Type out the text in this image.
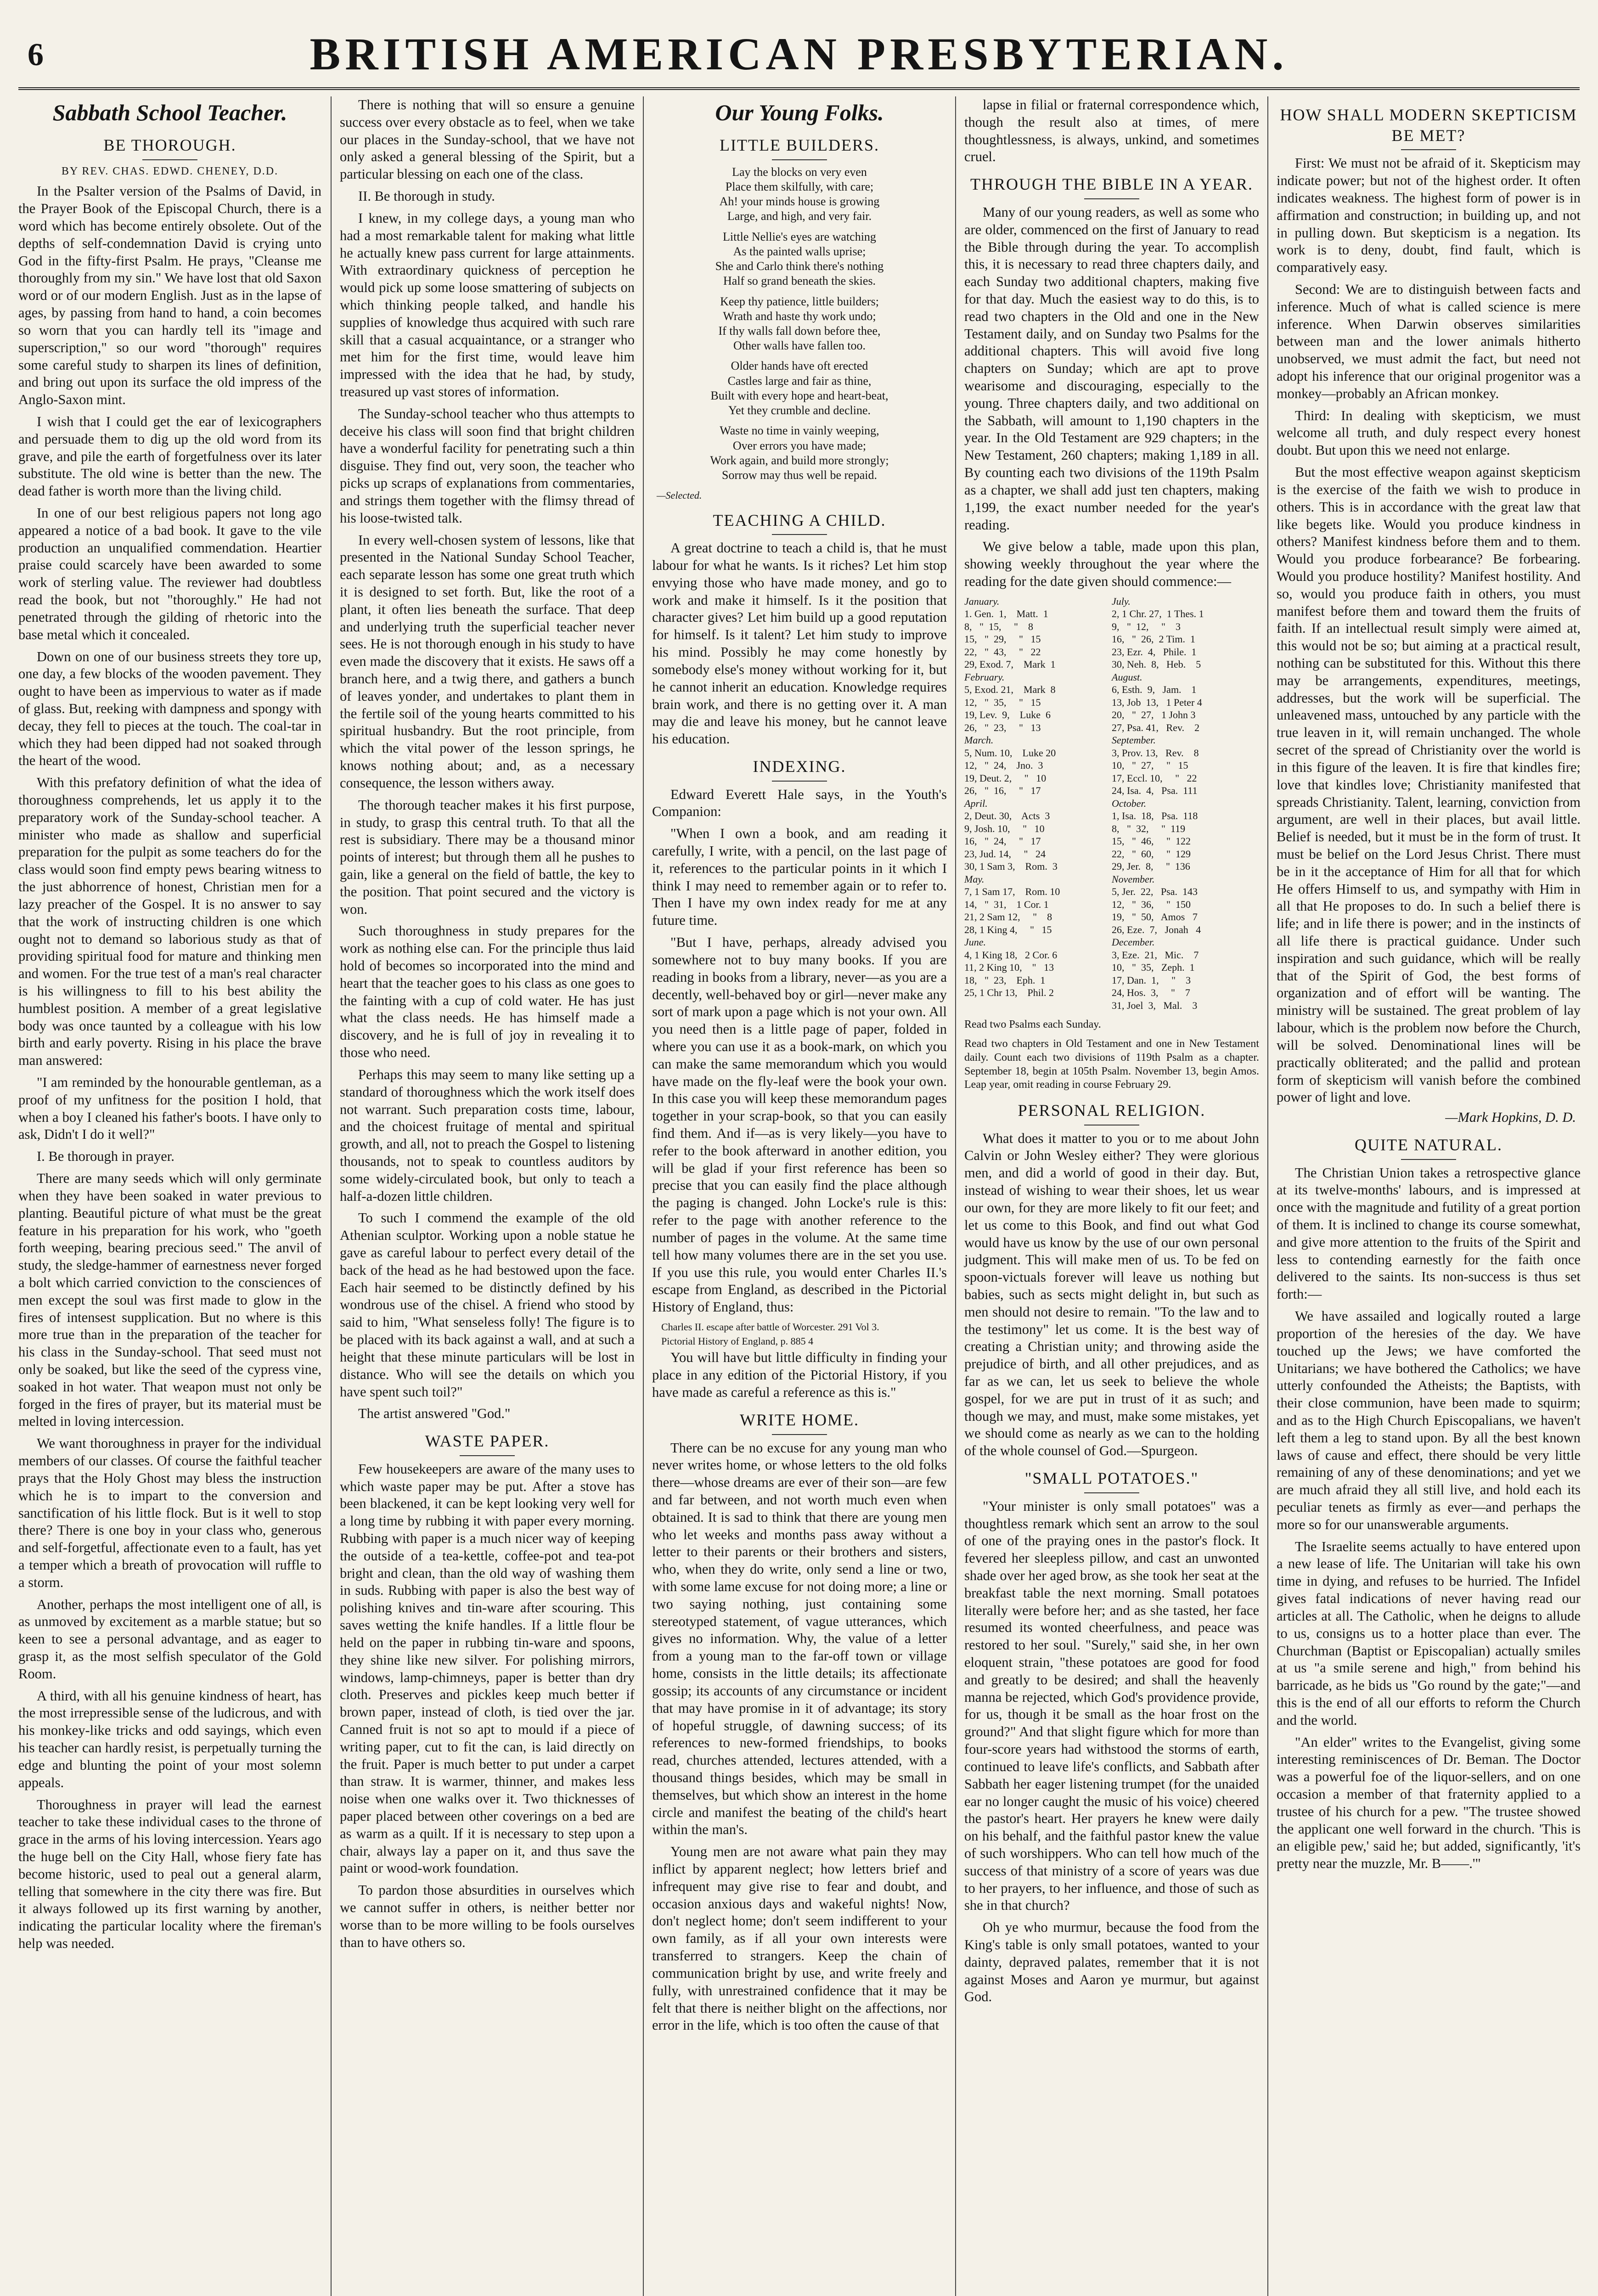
6	BRITISH AMERICAN PRESBYTERIAN.
Sabbath School Teacher.
BE THOROUGH.
BY REV. CHAS. EDWD. CHENEY, D.D.

In the Psalter version of the Psalms of David, in the Prayer Book of the Episcopal Church, there is a word which has become entirely obsolete. Out of the depths of self-condemnation David is crying unto God in the fifty-first Psalm. He prays, "Cleanse me thoroughly from my sin." We have lost that old Saxon word or of our modern English. Just as in the lapse of ages, by passing from hand to hand, a coin becomes so worn that you can hardly tell its "image and superscription," so our word "thorough" requires some careful study to sharpen its lines of definition, and bring out upon its surface the old impress of the Anglo-Saxon mint.

I wish that I could get the ear of lexicographers and persuade them to dig up the old word from its grave, and pile the earth of forgetfulness over its later substitute. The old wine is better than the new. The dead father is worth more than the living child.

In one of our best religious papers not long ago appeared a notice of a bad book. It gave to the vile production an unqualified commendation. Heartier praise could scarcely have been awarded to some work of sterling value. The reviewer had doubtless read the book, but not "thoroughly." He had not penetrated through the gilding of rhetoric into the base metal which it concealed.

Down on one of our business streets they tore up, one day, a few blocks of the wooden pavement. They ought to have been as impervious to water as if made of glass. But, reeking with dampness and spongy with decay, they fell to pieces at the touch. The coal-tar in which they had been dipped had not soaked through the heart of the wood.

With this prefatory definition of what the idea of thoroughness comprehends, let us apply it to the preparatory work of the Sunday-school teacher. A minister who made as shallow and superficial preparation for the pulpit as some teachers do for the class would soon find empty pews bearing witness to the just abhorrence of honest, Christian men for a lazy preacher of the Gospel. It is no answer to say that the work of instructing children is one which ought not to demand so laborious study as that of providing spiritual food for mature and thinking men and women. For the true test of a man's real character is his willingness to fill to his best ability the humblest position. A member of a great legislative body was once taunted by a colleague with his low birth and early poverty. Rising in his place the brave man answered:

"I am reminded by the honourable gentleman, as a proof of my unfitness for the position I hold, that when a boy I cleaned his father's boots. I have only to ask, Didn't I do it well?"

I. Be thorough in prayer.

There are many seeds which will only germinate when they have been soaked in water previous to planting. Beautiful picture of what must be the great feature in his preparation for his work, who "goeth forth weeping, bearing precious seed." The anvil of study, the sledge-hammer of earnestness never forged a bolt which carried conviction to the consciences of men except the soul was first made to glow in the fires of intensest supplication. But no where is this more true than in the preparation of the teacher for his class in the Sunday-school. That seed must not only be soaked, but like the seed of the cypress vine, soaked in hot water. That weapon must not only be forged in the fires of prayer, but its material must be melted in loving intercession.

We want thoroughness in prayer for the individual members of our classes. Of course the faithful teacher prays that the Holy Ghost may bless the instruction which he is to impart to the conversion and sanctification of his little flock. But is it well to stop there? There is one boy in your class who, generous and self-forgetful, affectionate even to a fault, has yet a temper which a breath of provocation will ruffle to a storm.

Another, perhaps the most intelligent one of all, is as unmoved by excitement as a marble statue; but so keen to see a personal advantage, and as eager to grasp it, as the most selfish speculator of the Gold Room.

A third, with all his genuine kindness of heart, has the most irrepressible sense of the ludicrous, and with his monkey-like tricks and odd sayings, which even his teacher can hardly resist, is perpetually turning the edge and blunting the point of your most solemn appeals.

Thoroughness in prayer will lead the earnest teacher to take these individual cases to the throne of grace in the arms of his loving intercession. Years ago the huge bell on the City Hall, whose fiery fate has become historic, used to peal out a general alarm, telling that somewhere in the city there was fire. But it always followed up its first warning by another, indicating the particular locality where the fireman's help was needed.

There is nothing that will so ensure a genuine success over every obstacle as to feel, when we take our places in the Sunday-school, that we have not only asked a general blessing of the Spirit, but a particular blessing on each one of the class.

II. Be thorough in study.

I knew, in my college days, a young man who had a most remarkable talent for making what little he actually knew pass current for large attainments. With extraordinary quickness of perception he would pick up some loose smattering of subjects on which thinking people talked, and handle his supplies of knowledge thus acquired with such rare skill that a casual acquaintance, or a stranger who met him for the first time, would leave him impressed with the idea that he had, by study, treasured up vast stores of information.

The Sunday-school teacher who thus attempts to deceive his class will soon find that bright children have a wonderful facility for penetrating such a thin disguise. They find out, very soon, the teacher who picks up scraps of explanations from commentaries, and strings them together with the flimsy thread of his loose-twisted talk.

In every well-chosen system of lessons, like that presented in the National Sunday School Teacher, each separate lesson has some one great truth which it is designed to set forth. But, like the root of a plant, it often lies beneath the surface. That deep and underlying truth the superficial teacher never sees. He is not thorough enough in his study to have even made the discovery that it exists. He saws off a branch here, and a twig there, and gathers a bunch of leaves yonder, and undertakes to plant them in the fertile soil of the young hearts committed to his spiritual husbandry. But the root principle, from which the vital power of the lesson springs, he knows nothing about; and, as a necessary consequence, the lesson withers away.

The thorough teacher makes it his first purpose, in study, to grasp this central truth. To that all the rest is subsidiary. There may be a thousand minor points of interest; but through them all he pushes to gain, like a general on the field of battle, the key to the position. That point secured and the victory is won.

Such thoroughness in study prepares for the work as nothing else can. For the principle thus laid hold of becomes so incorporated into the mind and heart that the teacher goes to his class as one goes to the fainting with a cup of cold water. He has just what the class needs. He has himself made a discovery, and he is full of joy in revealing it to those who need.

Perhaps this may seem to many like setting up a standard of thoroughness which the work itself does not warrant. Such preparation costs time, labour, and the choicest fruitage of mental and spiritual growth, and all, not to preach the Gospel to listening thousands, not to speak to countless auditors by some widely-circulated book, but only to teach a half-a-dozen little children.

To such I commend the example of the old Athenian sculptor. Working upon a noble statue he gave as careful labour to perfect every detail of the back of the head as he had bestowed upon the face. Each hair seemed to be distinctly defined by his wondrous use of the chisel. A friend who stood by said to him, "What senseless folly! The figure is to be placed with its back against a wall, and at such a height that these minute particulars will be lost in distance. Who will see the details on which you have spent such toil?"

The artist answered "God."

WASTE PAPER.

Few housekeepers are aware of the many uses to which waste paper may be put. After a stove has been blackened, it can be kept looking very well for a long time by rubbing it with paper every morning. Rubbing with paper is a much nicer way of keeping the outside of a tea-kettle, coffee-pot and tea-pot bright and clean, than the old way of washing them in suds. Rubbing with paper is also the best way of polishing knives and tin-ware after scouring. This saves wetting the knife handles. If a little flour be held on the paper in rubbing tin-ware and spoons, they shine like new silver. For polishing mirrors, windows, lamp-chimneys, paper is better than dry cloth. Preserves and pickles keep much better if brown paper, instead of cloth, is tied over the jar. Canned fruit is not so apt to mould if a piece of writing paper, cut to fit the can, is laid directly on the fruit. Paper is much better to put under a carpet than straw. It is warmer, thinner, and makes less noise when one walks over it. Two thicknesses of paper placed between other coverings on a bed are as warm as a quilt. If it is necessary to step upon a chair, always lay a paper on it, and thus save the paint or wood-work foundation.

To pardon those absurdities in ourselves which we cannot suffer in others, is neither better nor worse than to be more willing to be fools ourselves than to have others so.

Our Young Folks.
LITTLE BUILDERS.
Lay the blocks on very even
Place them skilfully, with care;
Ah! your minds house is growing
Large, and high, and very fair.
Little Nellie's eyes are watching
As the painted walls uprise;
She and Carlo think there's nothing
Half so grand beneath the skies.
Keep thy patience, little builders;
Wrath and haste thy work undo;
If thy walls fall down before thee,
Other walls have fallen too.
Older hands have oft erected
Castles large and fair as thine,
Built with every hope and heart-beat,
Yet they crumble and decline.
Waste no time in vainly weeping,
Over errors you have made;
Work again, and build more strongly;
Sorrow may thus well be repaid.
—Selected.
TEACHING A CHILD.

A great doctrine to teach a child is, that he must labour for what he wants. Is it riches? Let him stop envying those who have made money, and go to work and make it himself. Is it the position that character gives? Let him build up a good reputation for himself. Is it talent? Let him study to improve his mind. Possibly he may come honestly by somebody else's money without working for it, but he cannot inherit an education. Knowledge requires brain work, and there is no getting over it. A man may die and leave his money, but he cannot leave his education.

INDEXING.

Edward Everett Hale says, in the Youth's Companion:

"When I own a book, and am reading it carefully, I write, with a pencil, on the last page of it, references to the particular points in it which I think I may need to remember again or to refer to. Then I have my own index ready for me at any future time.

"But I have, perhaps, already advised you somewhere not to buy many books. If you are reading in books from a library, never—as you are a decently, well-behaved boy or girl—never make any sort of mark upon a page which is not your own. All you need then is a little page of paper, folded in where you can use it as a book-mark, on which you can make the same memorandum which you would have made on the fly-leaf were the book your own. In this case you will keep these memorandum pages together in your scrap-book, so that you can easily find them. And if—as is very likely—you have to refer to the book afterward in another edition, you will be glad if your first reference has been so precise that you can easily find the place although the paging is changed. John Locke's rule is this: refer to the page with another reference to the number of pages in the volume. At the same time tell how many volumes there are in the set you use. If you use this rule, you would enter Charles II.'s escape from England, as described in the Pictorial History of England, thus:

Charles II. escape after battle of Worcester. 291 Vol 3.
Pictorial History of England, p. 885 4

You will have but little difficulty in finding your place in any edition of the Pictorial History, if you have made as careful a reference as this is."

WRITE HOME.

There can be no excuse for any young man who never writes home, or whose letters to the old folks there—whose dreams are ever of their son—are few and far between, and not worth much even when obtained. It is sad to think that there are young men who let weeks and months pass away without a letter to their parents or their brothers and sisters, who, when they do write, only send a line or two, with some lame excuse for not doing more; a line or two saying nothing, just containing some stereotyped statement, of vague utterances, which gives no information. Why, the value of a letter from a young man to the far-off town or village home, consists in the little details; its affectionate gossip; its accounts of any circumstance or incident that may have promise in it of advantage; its story of hopeful struggle, of dawning success; of its references to new-formed friendships, to books read, churches attended, lectures attended, with a thousand things besides, which may be small in themselves, but which show an interest in the home circle and manifest the beating of the child's heart within the man's.

Young men are not aware what pain they may inflict by apparent neglect; how letters brief and infrequent may give rise to fear and doubt, and occasion anxious days and wakeful nights! Now, don't neglect home; don't seem indifferent to your own family, as if all your own interests were transferred to strangers. Keep the chain of communication bright by use, and write freely and fully, with unrestrained confidence that it may be felt that there is neither blight on the affections, nor error in the life, which is too often the cause of that

lapse in filial or fraternal correspondence which, though the result also at times, of mere thoughtlessness, is always, unkind, and sometimes cruel.

THROUGH THE BIBLE IN A YEAR.

Many of our young readers, as well as some who are older, commenced on the first of January to read the Bible through during the year. To accomplish this, it is necessary to read three chapters daily, and each Sunday two additional chapters, making five for that day. Much the easiest way to do this, is to read two chapters in the Old and one in the New Testament daily, and on Sunday two Psalms for the additional chapters. This will avoid five long chapters on Sunday; which are apt to prove wearisome and discouraging, especially to the young. Three chapters daily, and two additional on the Sabbath, will amount to 1,190 chapters in the year. In the Old Testament are 929 chapters; in the New Testament, 260 chapters; making 1,189 in all. By counting each two divisions of the 119th Psalm as a chapter, we shall add just ten chapters, making 1,199, the exact number needed for the year's reading.

We give below a table, made upon this plan, showing weekly throughout the year where the reading for the date given should commence:—

January.
1. Gen.  1,    Matt.  1
8,   "  15,     "    8
15,   "  29,     "   15
22,   "  43,     "   22
29, Exod. 7,    Mark  1
February.
5, Exod. 21,    Mark  8
12,   "  35,     "   15
19, Lev.  9,    Luke  6
26,   "  23,     "   13
March.
5, Num. 10,    Luke 20
12,   "  24,    Jno.  3
19, Deut. 2,     "   10
26,   "  16,     "   17
April.
2, Deut. 30,    Acts  3
9, Josh. 10,     "   10
16,   "  24,     "   17
23, Jud. 14,     "   24
30, 1 Sam 3,    Rom.  3
May.
7, 1 Sam 17,    Rom. 10
14,   "  31,    1 Cor. 1
21, 2 Sam 12,     "    8
28, 1 King 4,     "   15
June.
4, 1 King 18,   2 Cor. 6
11, 2 King 10,    "   13
18,   "  23,    Eph.  1
25, 1 Chr 13,    Phil. 2
July.
2, 1 Chr. 27,  1 Thes. 1
9,   "  12,     "    3
16,   "  26,  2 Tim.  1
23, Ezr.  4,   Phile.  1
30, Neh.  8,   Heb.    5
August.
6, Esth.  9,   Jam.    1
13, Job  13,   1 Peter 4
20,   "  27,   1 John 3
27, Psa. 41,   Rev.    2
September.
3, Prov. 13,   Rev.    8
10,   "  27,     "   15
17, Eccl. 10,     "   22
24, Isa.  4,   Psa.  111
October.
1, Isa.  18,   Psa.  118
8,   "  32,     "  119
15,   "  46,     "  122
22,   "  60,     "  129
29, Jer.  8,     "  136
November.
5, Jer.  22,   Psa.  143
12,   "  36,     "  150
19,   "  50,   Amos   7
26, Eze.  7,   Jonah   4
December.
3, Eze.  21,   Mic.    7
10,   "  35,   Zeph.  1
17, Dan.  1,     "    3
24, Hos.  3,     "    7
31, Joel  3,   Mal.    3
Read two Psalms each Sunday.
Read two chapters in Old Testament and one in New Testament daily. Count each two divisions of 119th Psalm as a chapter. September 18, begin at 105th Psalm. November 13, begin Amos. Leap year, omit reading in course February 29.
PERSONAL RELIGION.

What does it matter to you or to me about John Calvin or John Wesley either? They were glorious men, and did a world of good in their day. But, instead of wishing to wear their shoes, let us wear our own, for they are more likely to fit our feet; and let us come to this Book, and find out what God would have us know by the use of our own personal judgment. This will make men of us. To be fed on spoon-victuals forever will leave us nothing but babies, such as sects might delight in, but such as men should not desire to remain. "To the law and to the testimony" let us come. It is the best way of creating a Christian unity; and throwing aside the prejudice of birth, and all other prejudices, and as far as we can, let us seek to believe the whole gospel, for we are put in trust of it as such; and though we may, and must, make some mistakes, yet we should come as nearly as we can to the holding of the whole counsel of God.—Spurgeon.

"SMALL POTATOES."

"Your minister is only small potatoes" was a thoughtless remark which sent an arrow to the soul of one of the praying ones in the pastor's flock. It fevered her sleepless pillow, and cast an unwonted shade over her aged brow, as she took her seat at the breakfast table the next morning. Small potatoes literally were before her; and as she tasted, her face resumed its wonted cheerfulness, and peace was restored to her soul. "Surely," said she, in her own eloquent strain, "these potatoes are good for food and greatly to be desired; and shall the heavenly manna be rejected, which God's providence provide, for us, though it be small as the hoar frost on the ground?" And that slight figure which for more than four-score years had withstood the storms of earth, continued to leave life's conflicts, and Sabbath after Sabbath her eager listening trumpet (for the unaided ear no longer caught the music of his voice) cheered the pastor's heart. Her prayers he knew were daily on his behalf, and the faithful pastor knew the value of such worshippers. Who can tell how much of the success of that ministry of a score of years was due to her prayers, to her influence, and those of such as she in that church?

Oh ye who murmur, because the food from the King's table is only small potatoes, wanted to your dainty, depraved palates, remember that it is not against Moses and Aaron ye murmur, but against God.

HOW SHALL MODERN SKEPTICISM BE MET?

First: We must not be afraid of it. Skepticism may indicate power; but not of the highest order. It often indicates weakness. The highest form of power is in affirmation and construction; in building up, and not in pulling down. But skepticism is a negation. Its work is to deny, doubt, find fault, which is comparatively easy.

Second: We are to distinguish between facts and inference. Much of what is called science is mere inference. When Darwin observes similarities between man and the lower animals hitherto unobserved, we must admit the fact, but need not adopt his inference that our original progenitor was a monkey—probably an African monkey.

Third: In dealing with skepticism, we must welcome all truth, and duly respect every honest doubt. But upon this we need not enlarge.

But the most effective weapon against skepticism is the exercise of the faith we wish to produce in others. This is in accordance with the great law that like begets like. Would you produce kindness in others? Manifest kindness before them and to them. Would you produce forbearance? Be forbearing. Would you produce hostility? Manifest hostility. And so, would you produce faith in others, you must manifest before them and toward them the fruits of faith. If an intellectual result simply were aimed at, this would not be so; but aiming at a practical result, nothing can be substituted for this. Without this there may be arrangements, expenditures, meetings, addresses, but the work will be superficial. The unleavened mass, untouched by any particle with the true leaven in it, will remain unchanged. The whole secret of the spread of Christianity over the world is in this figure of the leaven. It is fire that kindles fire; love that kindles love; Christianity manifested that spreads Christianity. Talent, learning, conviction from argument, are well in their places, but avail little. Belief is needed, but it must be in the form of trust. It must be belief on the Lord Jesus Christ. There must be in it the acceptance of Him for all that for which He offers Himself to us, and sympathy with Him in all that He proposes to do. In such a belief there is life; and in life there is power; and in the instincts of all life there is practical guidance. Under such inspiration and such guidance, which will be really that of the Spirit of God, the best forms of organization and of effort will be wanting. The ministry will be sustained. The great problem of lay labour, which is the problem now before the Church, will be solved. Denominational lines will be practically obliterated; and the pallid and protean form of skepticism will vanish before the combined power of light and love.

—Mark Hopkins, D. D.
QUITE NATURAL.

The Christian Union takes a retrospective glance at its twelve-months' labours, and is impressed at once with the magnitude and futility of a great portion of them. It is inclined to change its course somewhat, and give more attention to the fruits of the Spirit and less to contending earnestly for the faith once delivered to the saints. Its non-success is thus set forth:—

We have assailed and logically routed a large proportion of the heresies of the day. We have touched up the Jews; we have comforted the Unitarians; we have bothered the Catholics; we have utterly confounded the Atheists; the Baptists, with their close communion, have been made to squirm; and as to the High Church Episcopalians, we haven't left them a leg to stand upon. By all the best known laws of cause and effect, there should be very little remaining of any of these denominations; and yet we are much afraid they all still live, and hold each its peculiar tenets as firmly as ever—and perhaps the more so for our unanswerable arguments.

The Israelite seems actually to have entered upon a new lease of life. The Unitarian will take his own time in dying, and refuses to be hurried. The Infidel gives fatal indications of never having read our articles at all. The Catholic, when he deigns to allude to us, consigns us to a hotter place than ever. The Churchman (Baptist or Episcopalian) actually smiles at us "a smile serene and high," from behind his barricade, as he bids us "Go round by the gate;"—and this is the end of all our efforts to reform the Church and the world.

"An elder" writes to the Evangelist, giving some interesting reminiscences of Dr. Beman. The Doctor was a powerful foe of the liquor-sellers, and on one occasion a member of that fraternity applied to a trustee of his church for a pew. "The trustee showed the applicant one well forward in the church. 'This is an eligible pew,' said he; but added, significantly, 'it's pretty near the muzzle, Mr. B——.'"
